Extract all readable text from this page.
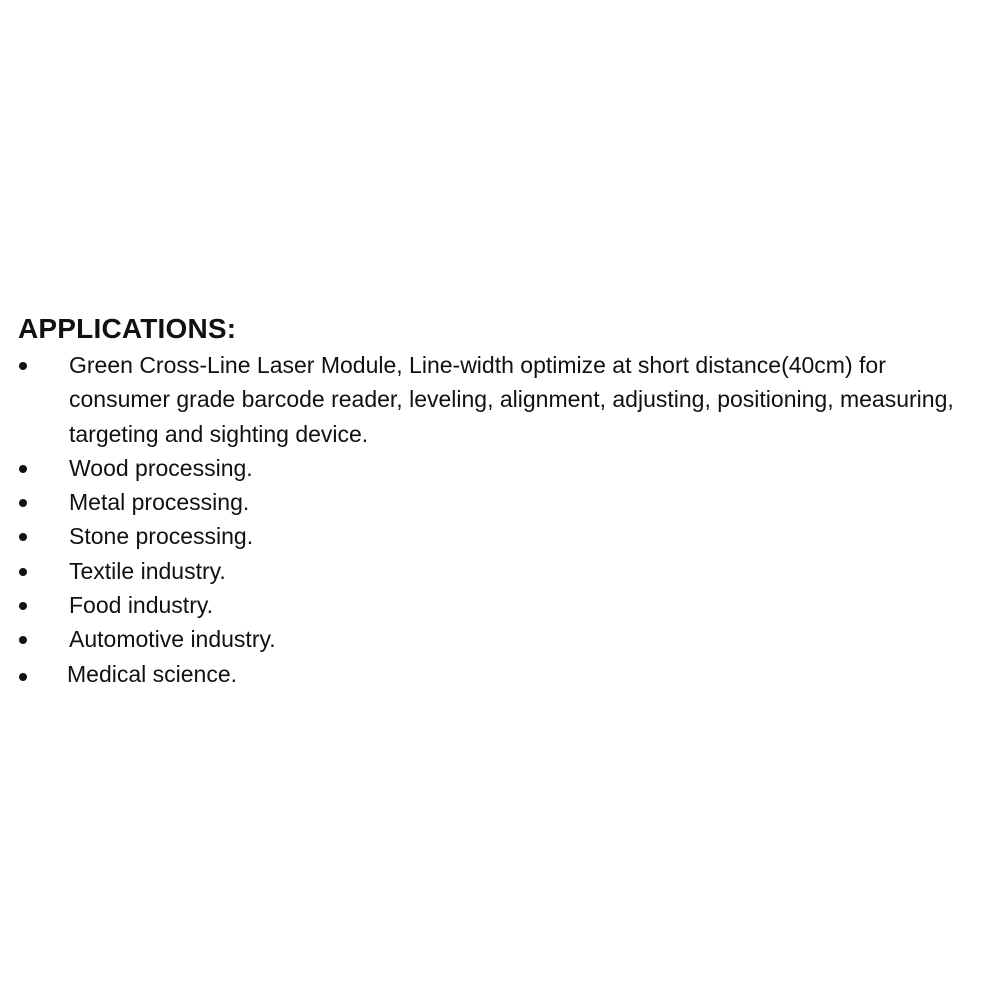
APPLICATIONS:
Green Cross-Line Laser Module, Line-width optimize at short distance(40cm) for consumer grade barcode reader, leveling, alignment, adjusting, positioning, measuring, targeting and sighting device.
Wood processing.
Metal processing.
Stone processing.
Textile industry.
Food industry.
Automotive industry.
Medical science.
